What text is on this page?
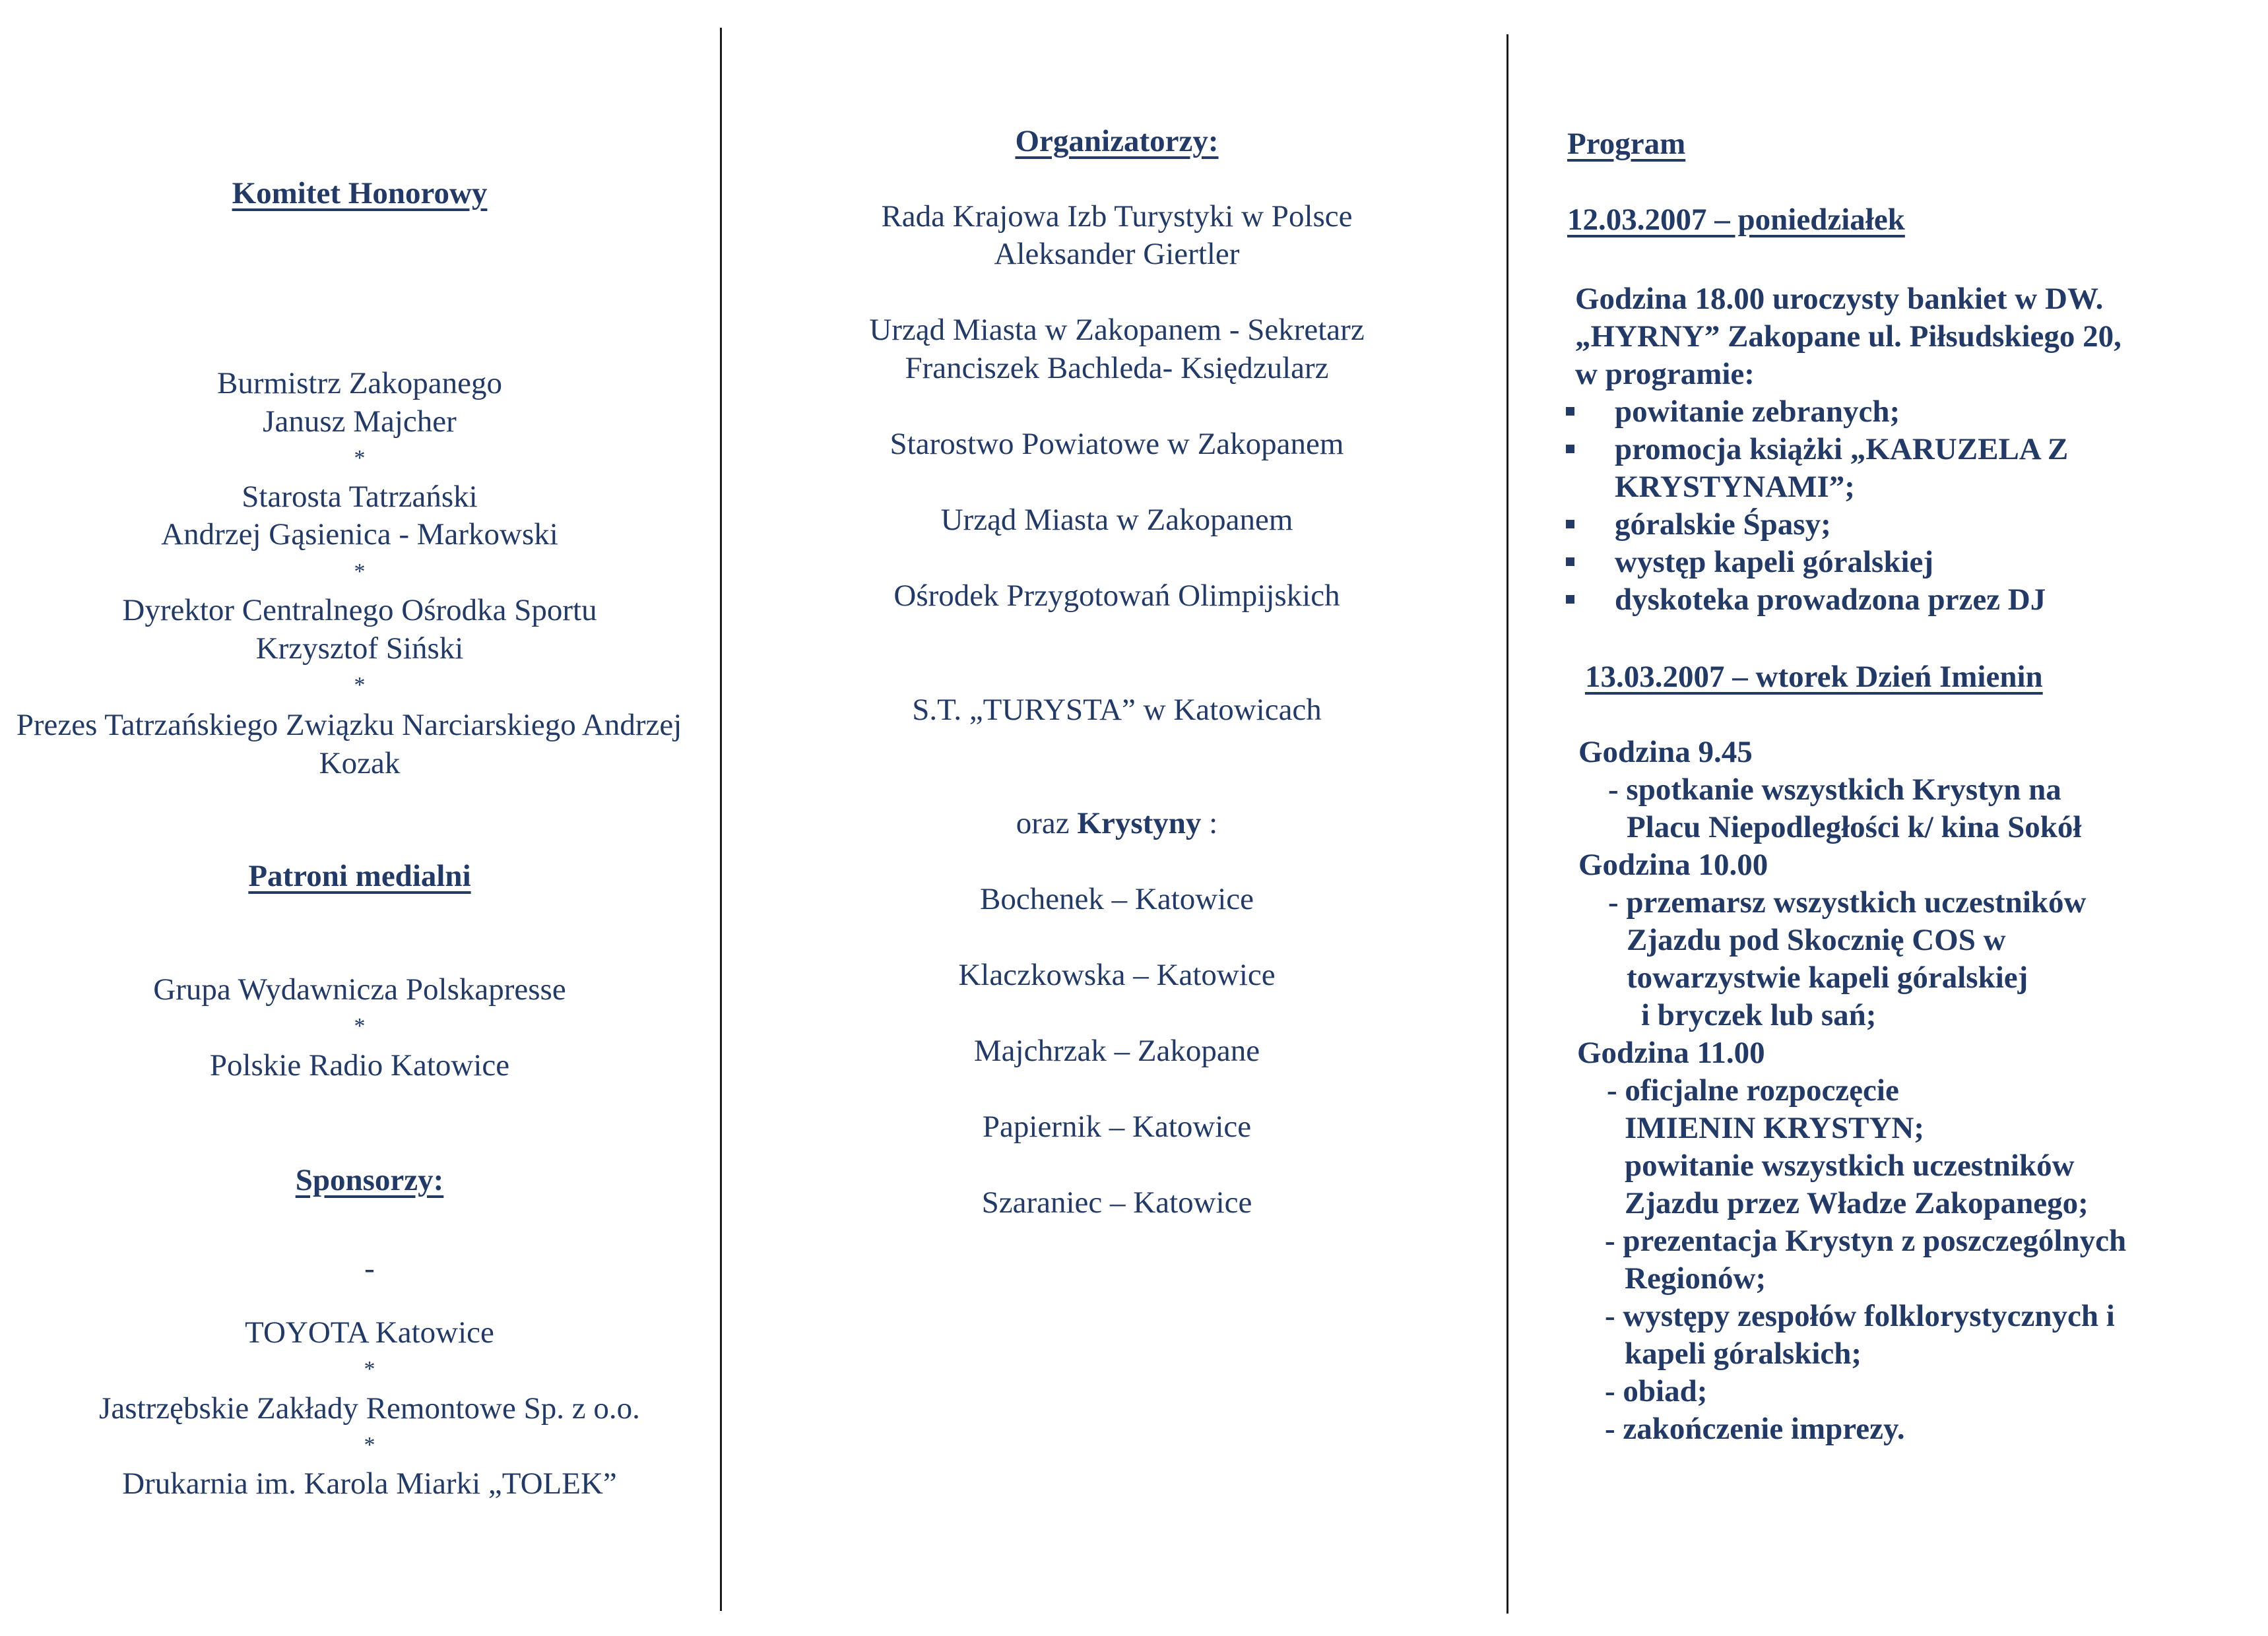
Komitet Honorowy
Burmistrz Zakopanego
Janusz Majcher
*
Starosta Tatrzański
Andrzej Gąsienica - Markowski
*
Dyrektor Centralnego Ośrodka Sportu
Krzysztof Siński
*
Prezes Tatrzańskiego Związku Narciarskiego Andrzej
Kozak
Patroni medialni
Grupa Wydawnicza Polskapresse
*
Polskie Radio Katowice
Sponsorzy:
-
TOYOTA Katowice
*
Jastrzębskie Zakłady Remontowe Sp. z o.o.
*
Drukarnia im. Karola Miarki „TOLEK”
Organizatorzy:
Rada Krajowa Izb Turystyki w Polsce
Aleksander Giertler
Urząd Miasta w Zakopanem - Sekretarz
Franciszek Bachleda- Księdzularz
Starostwo Powiatowe w Zakopanem
Urząd Miasta w Zakopanem
Ośrodek Przygotowań Olimpijskich
S.T. „TURYSTA” w Katowicach
oraz Krystyny :
Bochenek – Katowice
Klaczkowska – Katowice
Majchrzak – Zakopane
Papiernik – Katowice
Szaraniec – Katowice
Program
12.03.2007 – poniedziałek
Godzina 18.00 uroczysty bankiet w DW.
„HYRNY” Zakopane ul. Piłsudskiego 20,
w programie:
powitanie zebranych;
promocja książki „KARUZELA Z
KRYSTYNAMI”;
góralskie Śpasy;
występ kapeli góralskiej
dyskoteka prowadzona przez DJ
13.03.2007 – wtorek Dzień Imienin
Godzina 9.45
- spotkanie wszystkich Krystyn na
Placu Niepodległości k/ kina Sokół
Godzina 10.00
- przemarsz wszystkich uczestników
Zjazdu pod Skocznię COS w
towarzystwie kapeli góralskiej
i bryczek lub sań;
Godzina 11.00
- oficjalne rozpoczęcie
IMIENIN KRYSTYN;
powitanie wszystkich uczestników
Zjazdu przez Władze Zakopanego;
- prezentacja Krystyn z poszczególnych
Regionów;
- występy zespołów folklorystycznych i
kapeli góralskich;
- obiad;
- zakończenie imprezy.
